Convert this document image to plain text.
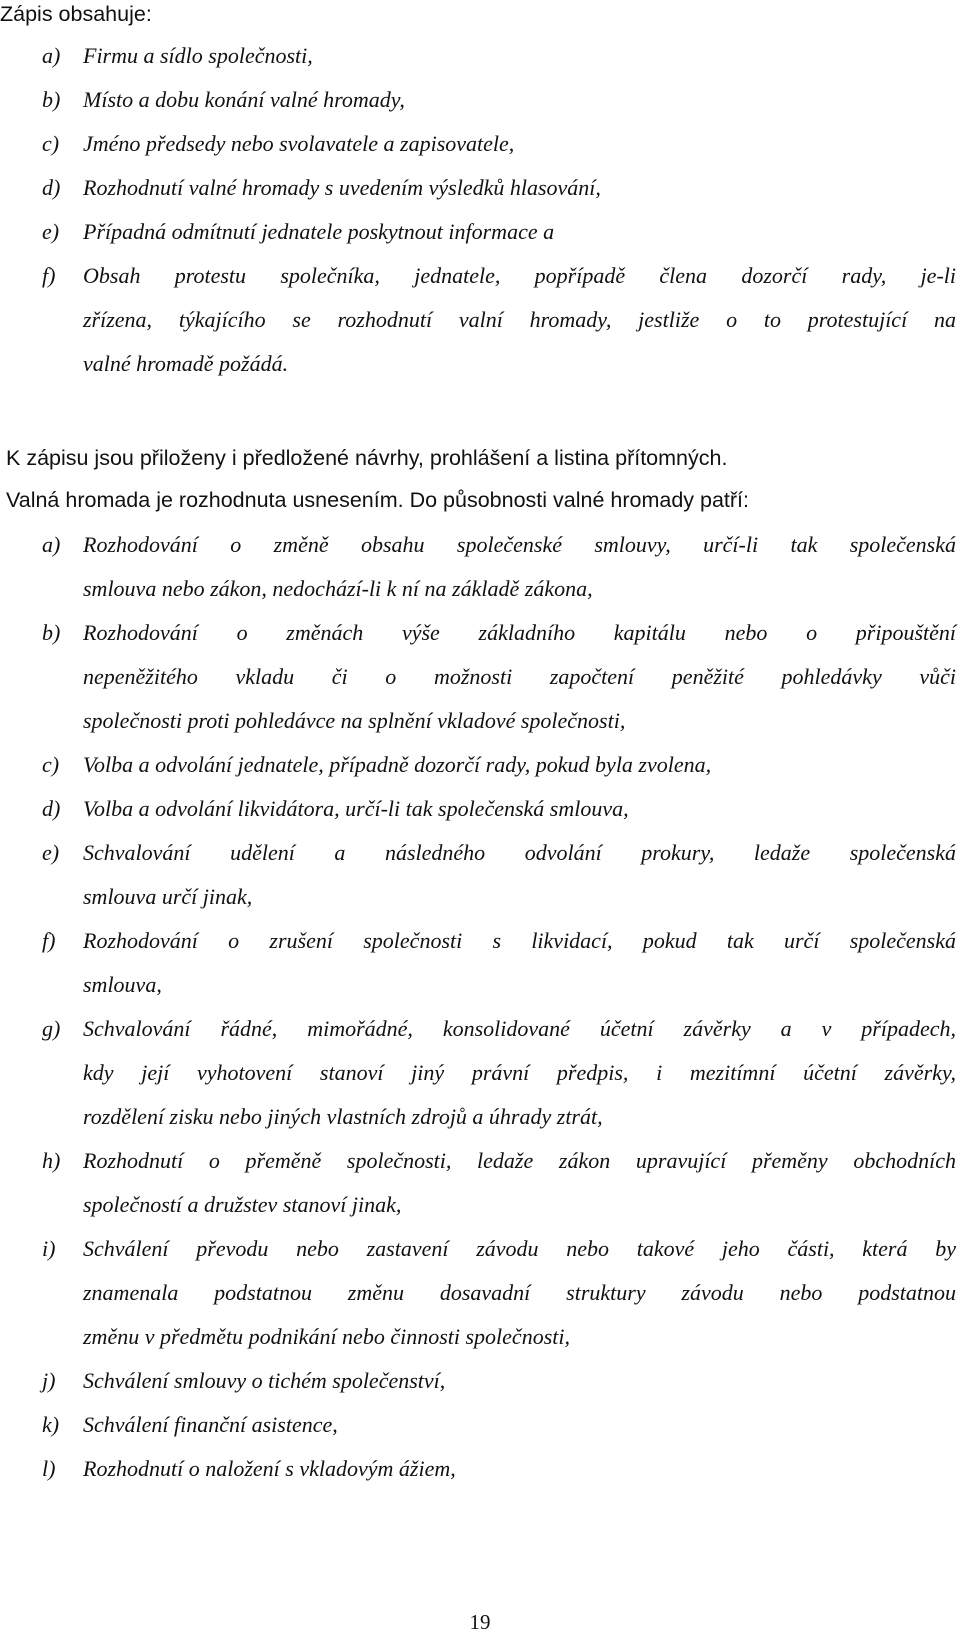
Zápis obsahuje:
a) Firmu a sídlo společnosti,
b) Místo a dobu konání valné hromady,
c) Jméno předsedy nebo svolavatele a zapisovatele,
d) Rozhodnutí valné hromady s uvedením výsledků hlasování,
e) Případná odmítnutí jednatele poskytnout informace a
f) Obsah protestu společníka, jednatele, popřípadě člena dozorčí rady, je-li
zřízena, týkajícího se rozhodnutí valní hromady, jestliže o to protestující na
valné hromadě požádá.
K zápisu jsou přiloženy i předložené návrhy, prohlášení a listina přítomných.
Valná hromada je rozhodnuta usnesením. Do působnosti valné hromady patří:
a) Rozhodování o změně obsahu společenské smlouvy, určí-li tak společenská
smlouva nebo zákon, nedochází-li k ní na základě zákona,
b) Rozhodování o změnách výše základního kapitálu nebo o připouštění
nepeněžitého vkladu či o možnosti započtení peněžité pohledávky vůči
společnosti proti pohledávce na splnění vkladové společnosti,
c) Volba a odvolání jednatele, případně dozorčí rady, pokud byla zvolena,
d) Volba a odvolání likvidátora, určí-li tak společenská smlouva,
e) Schvalování udělení a následného odvolání prokury, ledaže společenská
smlouva určí jinak,
f) Rozhodování o zrušení společnosti s likvidací, pokud tak určí společenská
smlouva,
g) Schvalování řádné, mimořádné, konsolidované účetní závěrky a v případech,
kdy její vyhotovení stanoví jiný právní předpis, i mezitímní účetní závěrky,
rozdělení zisku nebo jiných vlastních zdrojů a úhrady ztrát,
h) Rozhodnutí o přeměně společnosti, ledaže zákon upravující přeměny obchodních
společností a družstev stanoví jinak,
i) Schválení převodu nebo zastavení závodu nebo takové jeho části, která by
znamenala podstatnou změnu dosavadní struktury závodu nebo podstatnou
změnu v předmětu podnikání nebo činnosti společnosti,
j) Schválení smlouvy o tichém společenství,
k) Schválení finanční asistence,
l) Rozhodnutí o naložení s vkladovým ážiem,
19
